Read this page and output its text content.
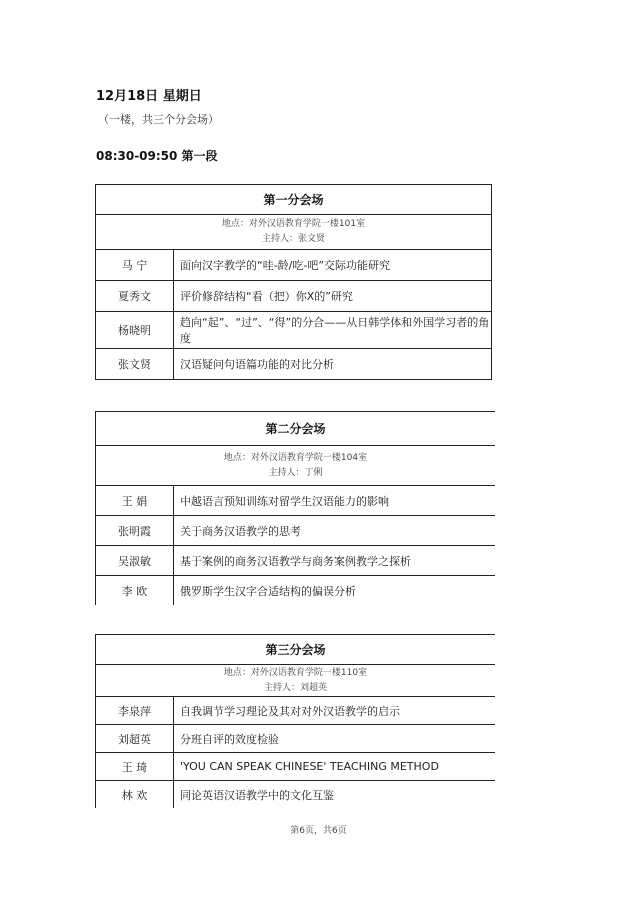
12月18日 星期日
（一楼，共三个分会场）
08:30-09:50 第一段
第一分会场	

地点：对外汉语教育学院一楼101室
主持人：张文贤	

马 宁	面向汉字教学的“哇-龄/吃-吧”交际功能研究
夏秀文	评价修辞结构“看（把）你X的”研究
杨晓明	趋向“起”、“过”、“得”的分合——从日韩学体和外国学习者的角度
张文贤	汉语疑问句语篇功能的对比分析
第二分会场	

地点：对外汉语教育学院一楼104室
主持人：丁俐	

王 娟	中越语言预知训练对留学生汉语能力的影响
张明霞	关于商务汉语教学的思考
吴淑敏	基于案例的商务汉语教学与商务案例教学之探析
李 欧	俄罗斯学生汉字合适结构的偏误分析
第三分会场	

地点：对外汉语教育学院一楼110室
主持人：刘超英	

李泉萍	自我调节学习理论及其对对外汉语教学的启示
刘超英	分班自评的效度检验
王 琦	'YOU CAN SPEAK CHINESE' TEACHING METHOD
林 欢	同论英语汉语教学中的文化互鉴
第6页，共6页
